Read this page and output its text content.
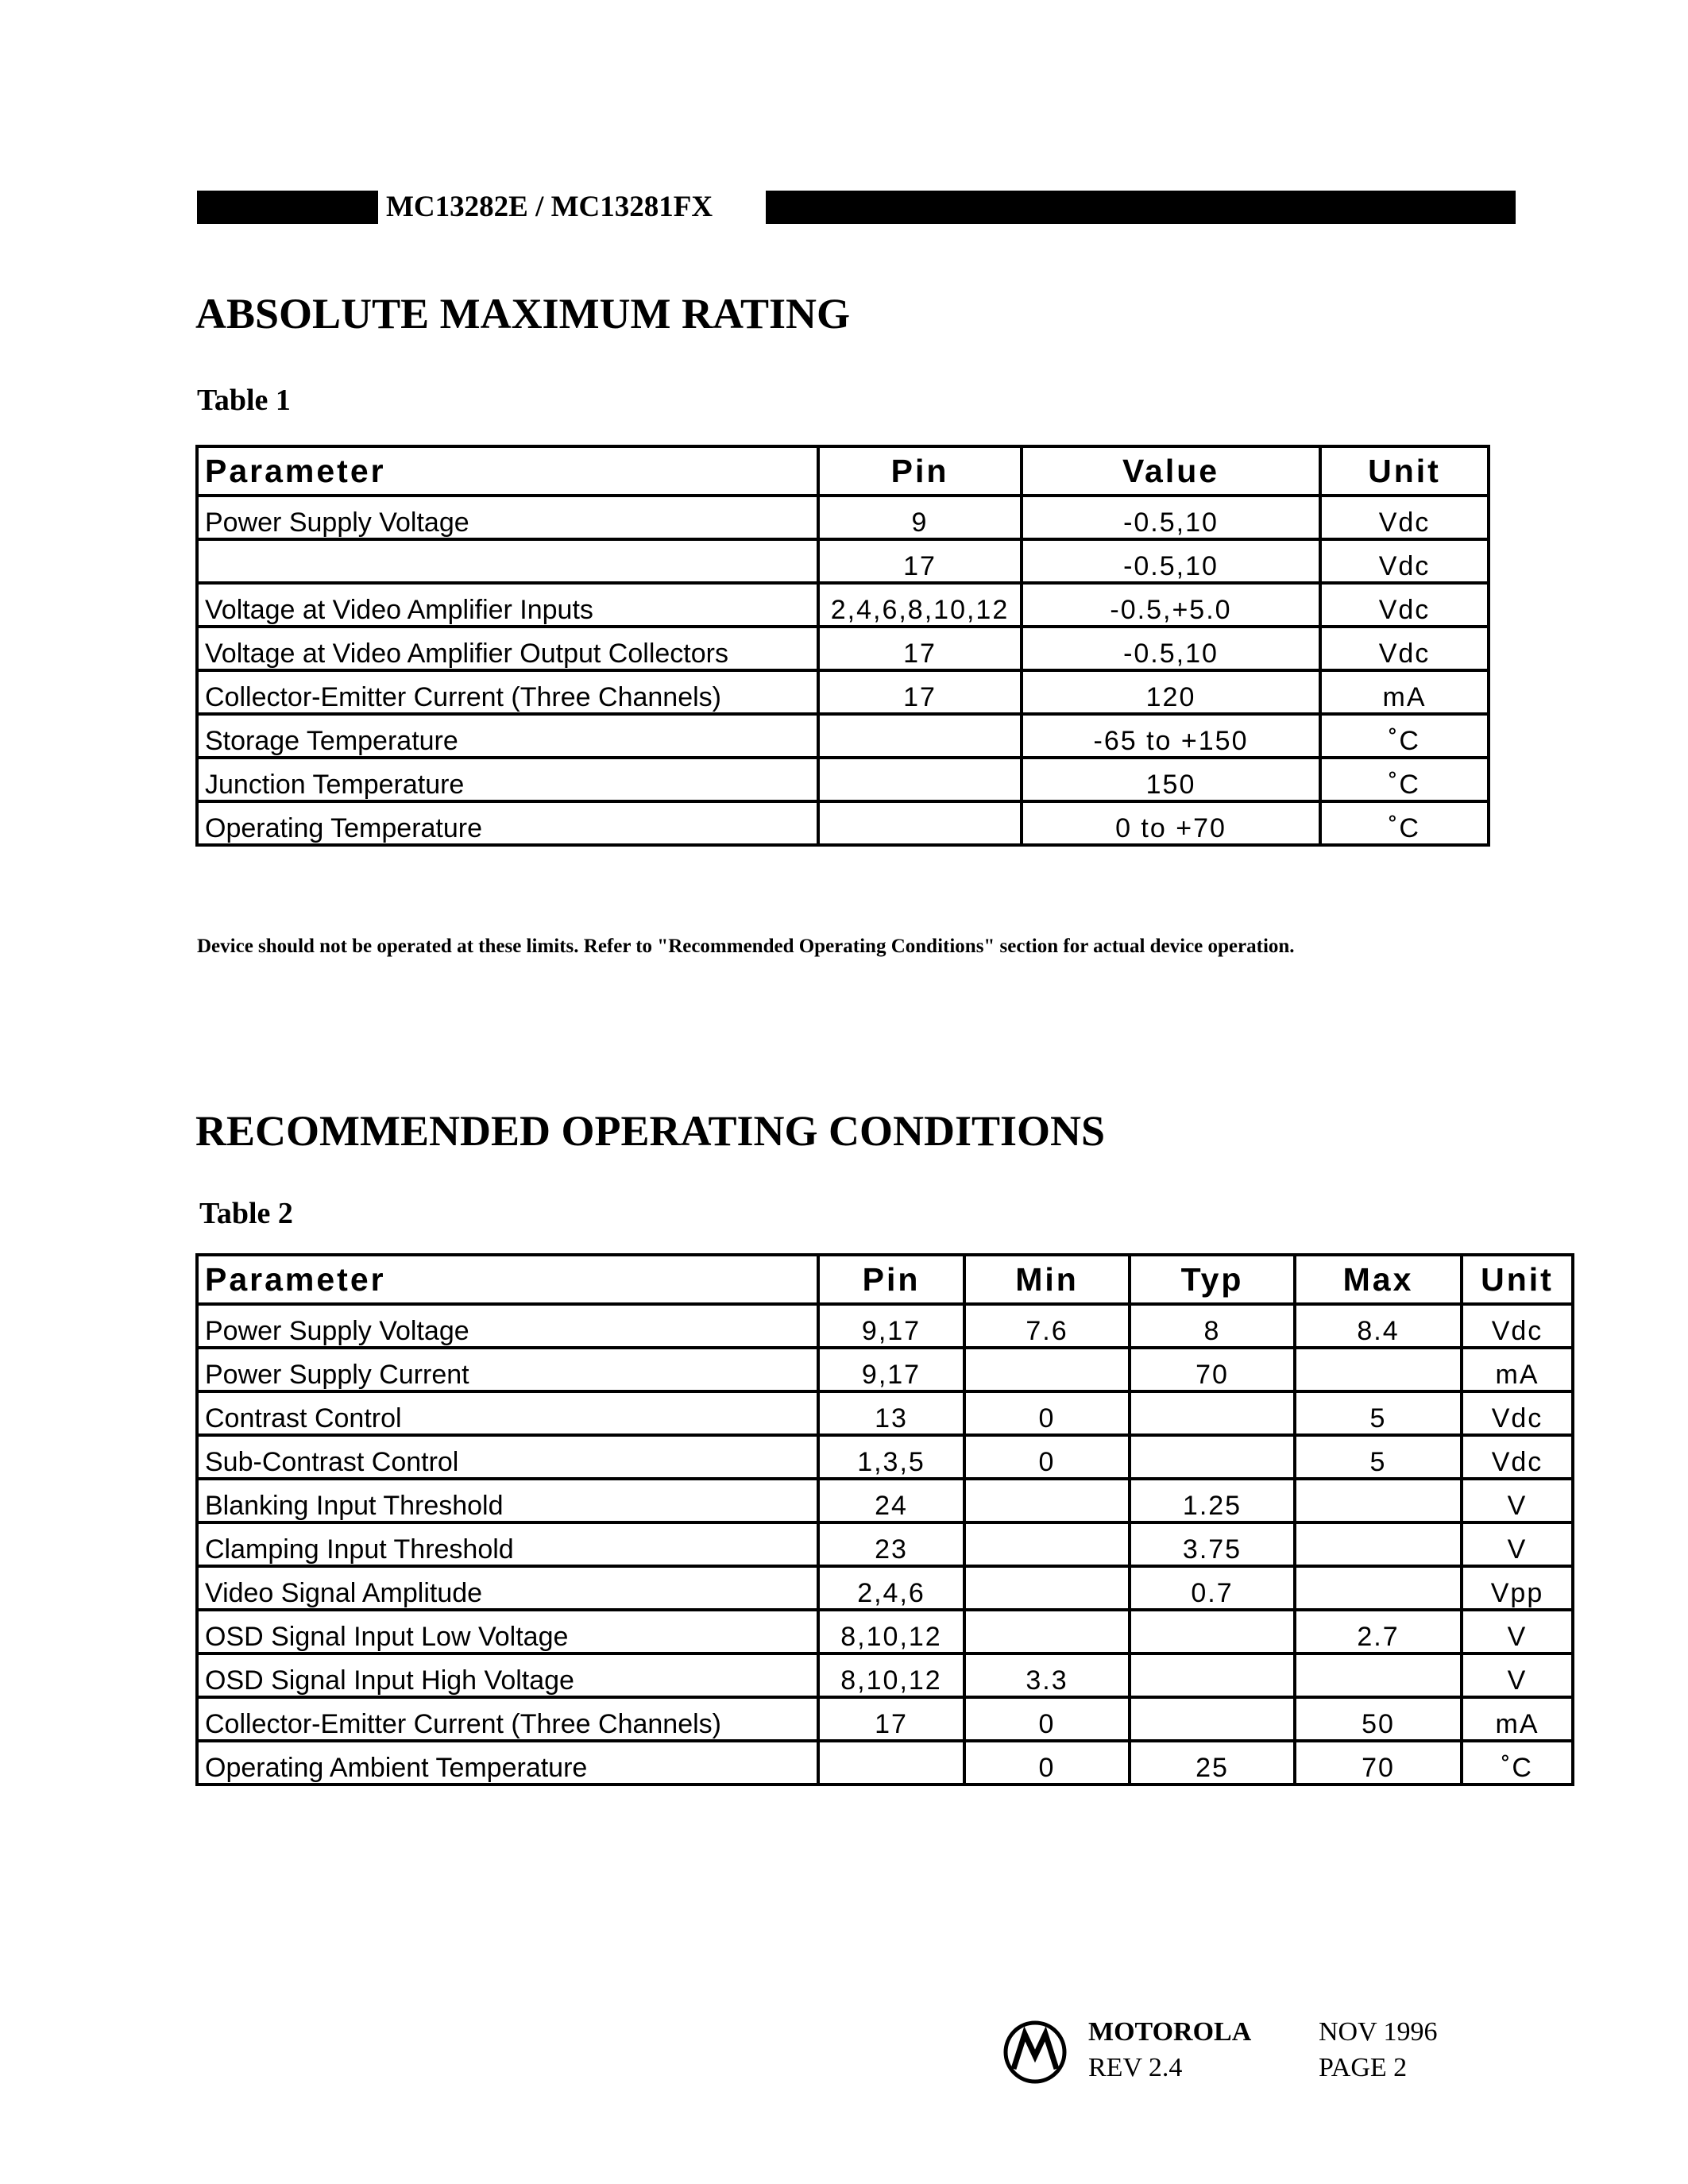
MC13282E / MC13281FX
ABSOLUTE MAXIMUM RATING
Table 1
Parameter	Pin	Value	Unit
Power Supply Voltage	9	-0.5,10	Vdc
	17	-0.5,10	Vdc
Voltage at Video Amplifier Inputs	2,4,6,8,10,12	-0.5,+5.0	Vdc
Voltage at Video Amplifier Output Collectors	17	-0.5,10	Vdc
Collector-Emitter Current (Three Channels)	17	120	mA
Storage Temperature		-65 to +150	˚C
Junction Temperature		150	˚C
Operating Temperature		0 to +70	˚C
Device should not be operated at these limits. Refer to "Recommended Operating Conditions" section for actual device operation.
RECOMMENDED OPERATING CONDITIONS
Table 2
Parameter	Pin	Min	Typ	Max	Unit
Power Supply Voltage	9,17	7.6	8	8.4	Vdc
Power Supply Current	9,17		70		mA
Contrast Control	13	0		5	Vdc
Sub-Contrast Control	1,3,5	0		5	Vdc
Blanking Input Threshold	24		1.25		V
Clamping Input Threshold	23		3.75		V
Video Signal Amplitude	2,4,6		0.7		Vpp
OSD Signal Input Low Voltage	8,10,12			2.7	V
OSD Signal Input High Voltage	8,10,12	3.3			V
Collector-Emitter Current (Three Channels)	17	0		50	mA
Operating Ambient Temperature		0	25	70	˚C
MOTOROLA
REV 2.4
NOV 1996
PAGE 2
